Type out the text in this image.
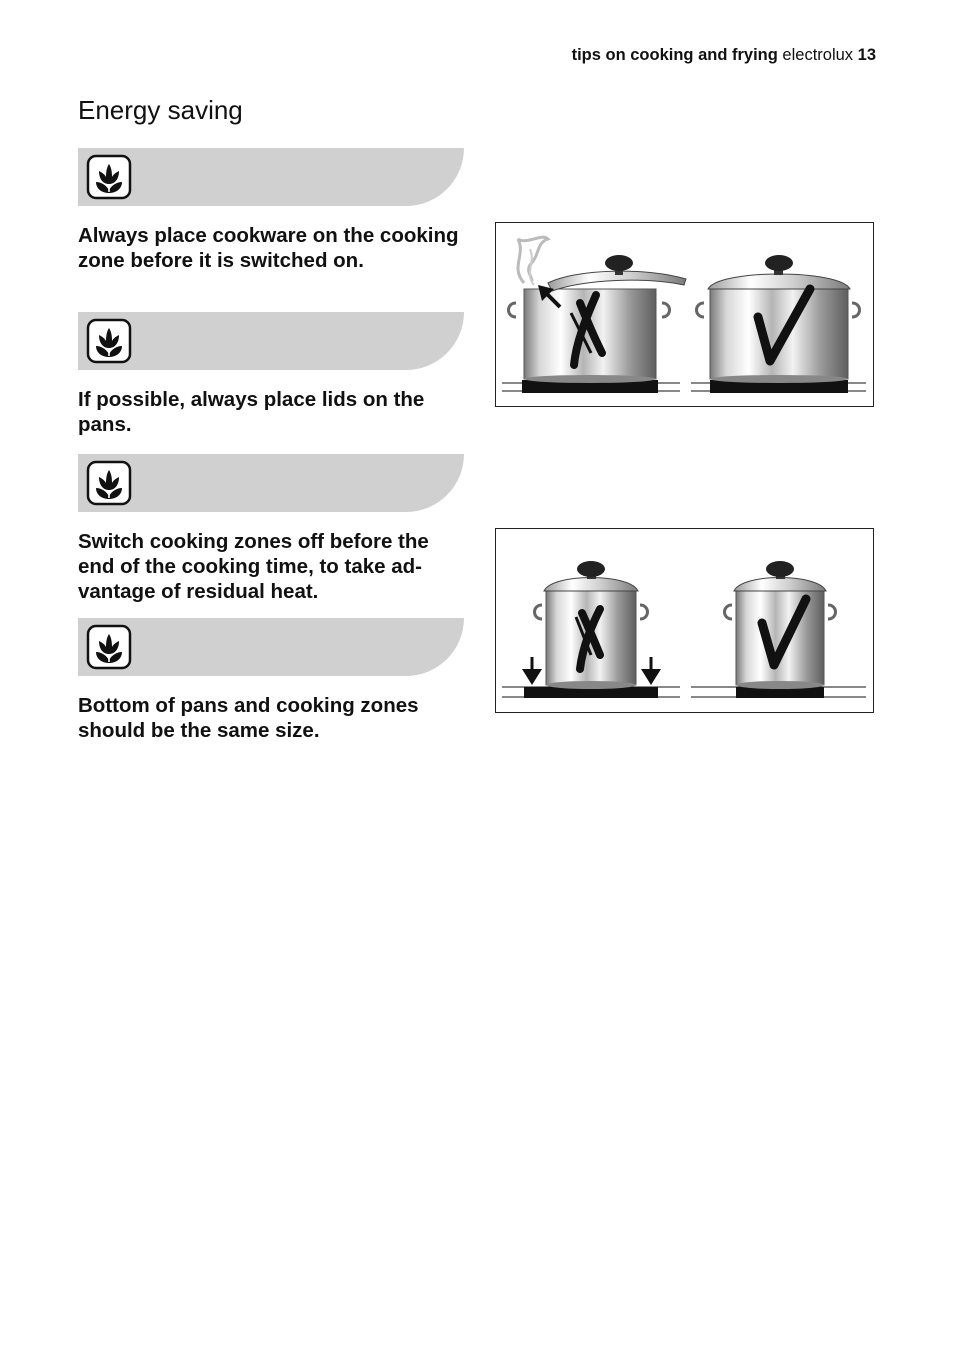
tips on cooking and frying electrolux 13
Energy saving

Always place cookware on the cooking zone before it is switched on.

If possible, always place lids on the pans.

Switch cooking zones off before the end of the cooking time, to take ad-vantage of residual heat.

Bottom of pans and cooking zones should be the same size.
